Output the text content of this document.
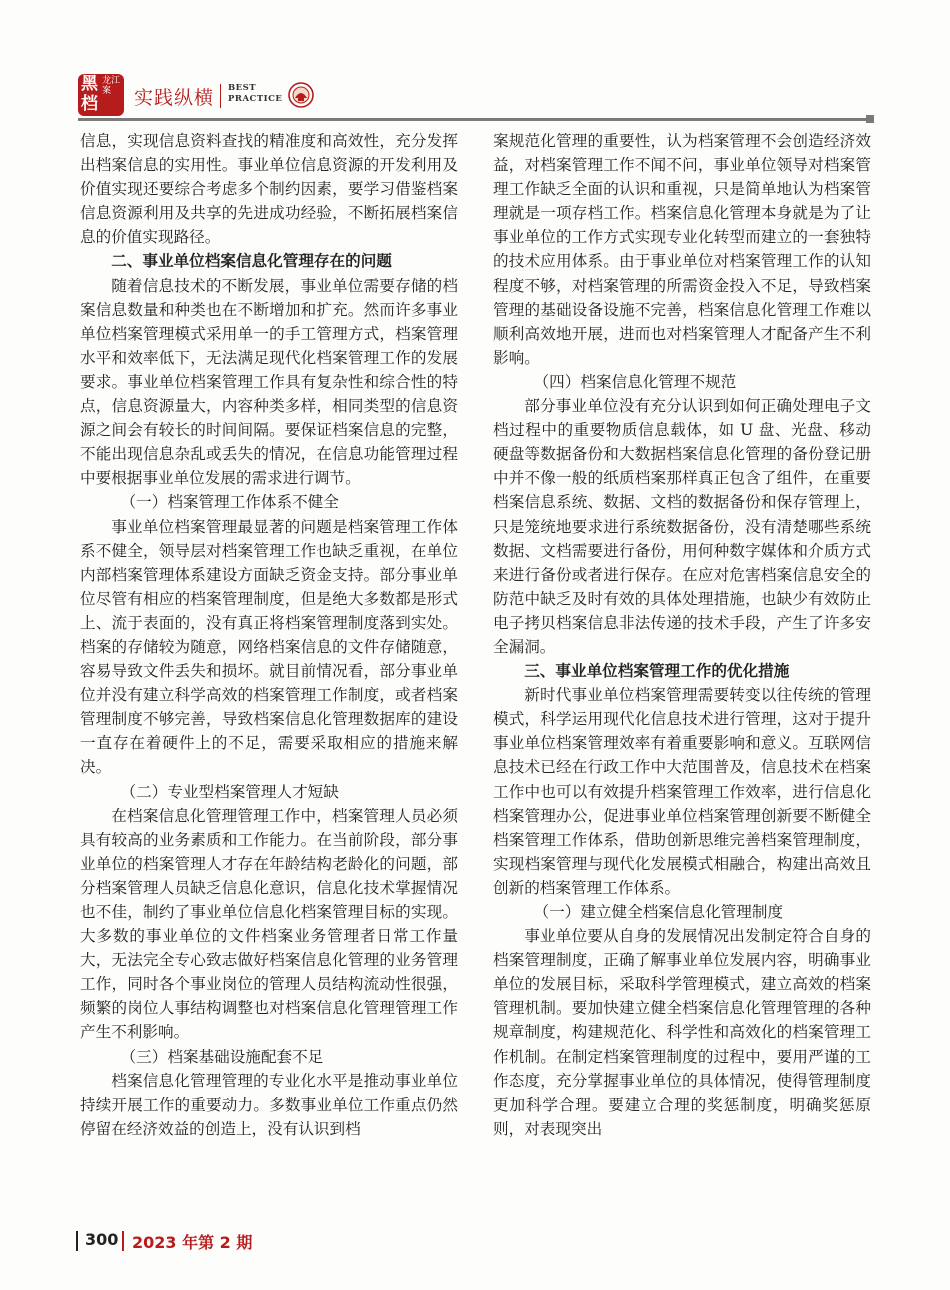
黑
档
龙江
案	实践纵横 BEST
PRACTICE

信息，实现信息资料查找的精准度和高效性，充分发挥出档案信息的实用性。事业单位信息资源的开发利用及价值实现还要综合考虑多个制约因素，要学习借鉴档案信息资源利用及共享的先进成功经验，不断拓展档案信息的价值实现路径。

二、事业单位档案信息化管理存在的问题

随着信息技术的不断发展，事业单位需要存储的档案信息数量和种类也在不断增加和扩充。然而许多事业单位档案管理模式采用单一的手工管理方式，档案管理水平和效率低下，无法满足现代化档案管理工作的发展要求。事业单位档案管理工作具有复杂性和综合性的特点，信息资源量大，内容种类多样，相同类型的信息资源之间会有较长的时间间隔。要保证档案信息的完整，不能出现信息杂乱或丢失的情况，在信息功能管理过程中要根据事业单位发展的需求进行调节。

（一）档案管理工作体系不健全

事业单位档案管理最显著的问题是档案管理工作体系不健全，领导层对档案管理工作也缺乏重视，在单位内部档案管理体系建设方面缺乏资金支持。部分事业单位尽管有相应的档案管理制度，但是绝大多数都是形式上、流于表面的，没有真正将档案管理制度落到实处。档案的存储较为随意，网络档案信息的文件存储随意，容易导致文件丢失和损坏。就目前情况看，部分事业单位并没有建立科学高效的档案管理工作制度，或者档案管理制度不够完善，导致档案信息化管理数据库的建设一直存在着硬件上的不足，需要采取相应的措施来解决。

（二）专业型档案管理人才短缺

在档案信息化管理管理工作中，档案管理人员必须具有较高的业务素质和工作能力。在当前阶段，部分事业单位的档案管理人才存在年龄结构老龄化的问题，部分档案管理人员缺乏信息化意识，信息化技术掌握情况也不佳，制约了事业单位信息化档案管理目标的实现。大多数的事业单位的文件档案业务管理者日常工作量大，无法完全专心致志做好档案信息化管理的业务管理工作，同时各个事业岗位的管理人员结构流动性很强，频繁的岗位人事结构调整也对档案信息化管理管理工作产生不利影响。

（三）档案基础设施配套不足

档案信息化管理管理的专业化水平是推动事业单位持续开展工作的重要动力。多数事业单位工作重点仍然停留在经济效益的创造上，没有认识到档

案规范化管理的重要性，认为档案管理不会创造经济效益，对档案管理工作不闻不问，事业单位领导对档案管理工作缺乏全面的认识和重视，只是简单地认为档案管理就是一项存档工作。档案信息化管理本身就是为了让事业单位的工作方式实现专业化转型而建立的一套独特的技术应用体系。由于事业单位对档案管理工作的认知程度不够，对档案管理的所需资金投入不足，导致档案管理的基础设备设施不完善，档案信息化管理工作难以顺利高效地开展，进而也对档案管理人才配备产生不利影响。

（四）档案信息化管理不规范

部分事业单位没有充分认识到如何正确处理电子文档过程中的重要物质信息载体，如 U 盘、光盘、移动硬盘等数据备份和大数据档案信息化管理的备份登记册中并不像一般的纸质档案那样真正包含了组件，在重要档案信息系统、数据、文档的数据备份和保存管理上，只是笼统地要求进行系统数据备份，没有清楚哪些系统数据、文档需要进行备份，用何种数字媒体和介质方式来进行备份或者进行保存。在应对危害档案信息安全的防范中缺乏及时有效的具体处理措施，也缺少有效防止电子拷贝档案信息非法传递的技术手段，产生了许多安全漏洞。

三、事业单位档案管理工作的优化措施

新时代事业单位档案管理需要转变以往传统的管理模式，科学运用现代化信息技术进行管理，这对于提升事业单位档案管理效率有着重要影响和意义。互联网信息技术已经在行政工作中大范围普及，信息技术在档案工作中也可以有效提升档案管理工作效率，进行信息化档案管理办公，促进事业单位档案管理创新要不断健全档案管理工作体系，借助创新思维完善档案管理制度，实现档案管理与现代化发展模式相融合，构建出高效且创新的档案管理工作体系。

（一）建立健全档案信息化管理制度

事业单位要从自身的发展情况出发制定符合自身的档案管理制度，正确了解事业单位发展内容，明确事业单位的发展目标，采取科学管理模式，建立高效的档案管理机制。要加快建立健全档案信息化管理管理的各种规章制度，构建规范化、科学性和高效化的档案管理工作机制。在制定档案管理制度的过程中，要用严谨的工作态度，充分掌握事业单位的具体情况，使得管理制度更加科学合理。要建立合理的奖惩制度，明确奖惩原则，对表现突出

300 2023 年第 2 期
